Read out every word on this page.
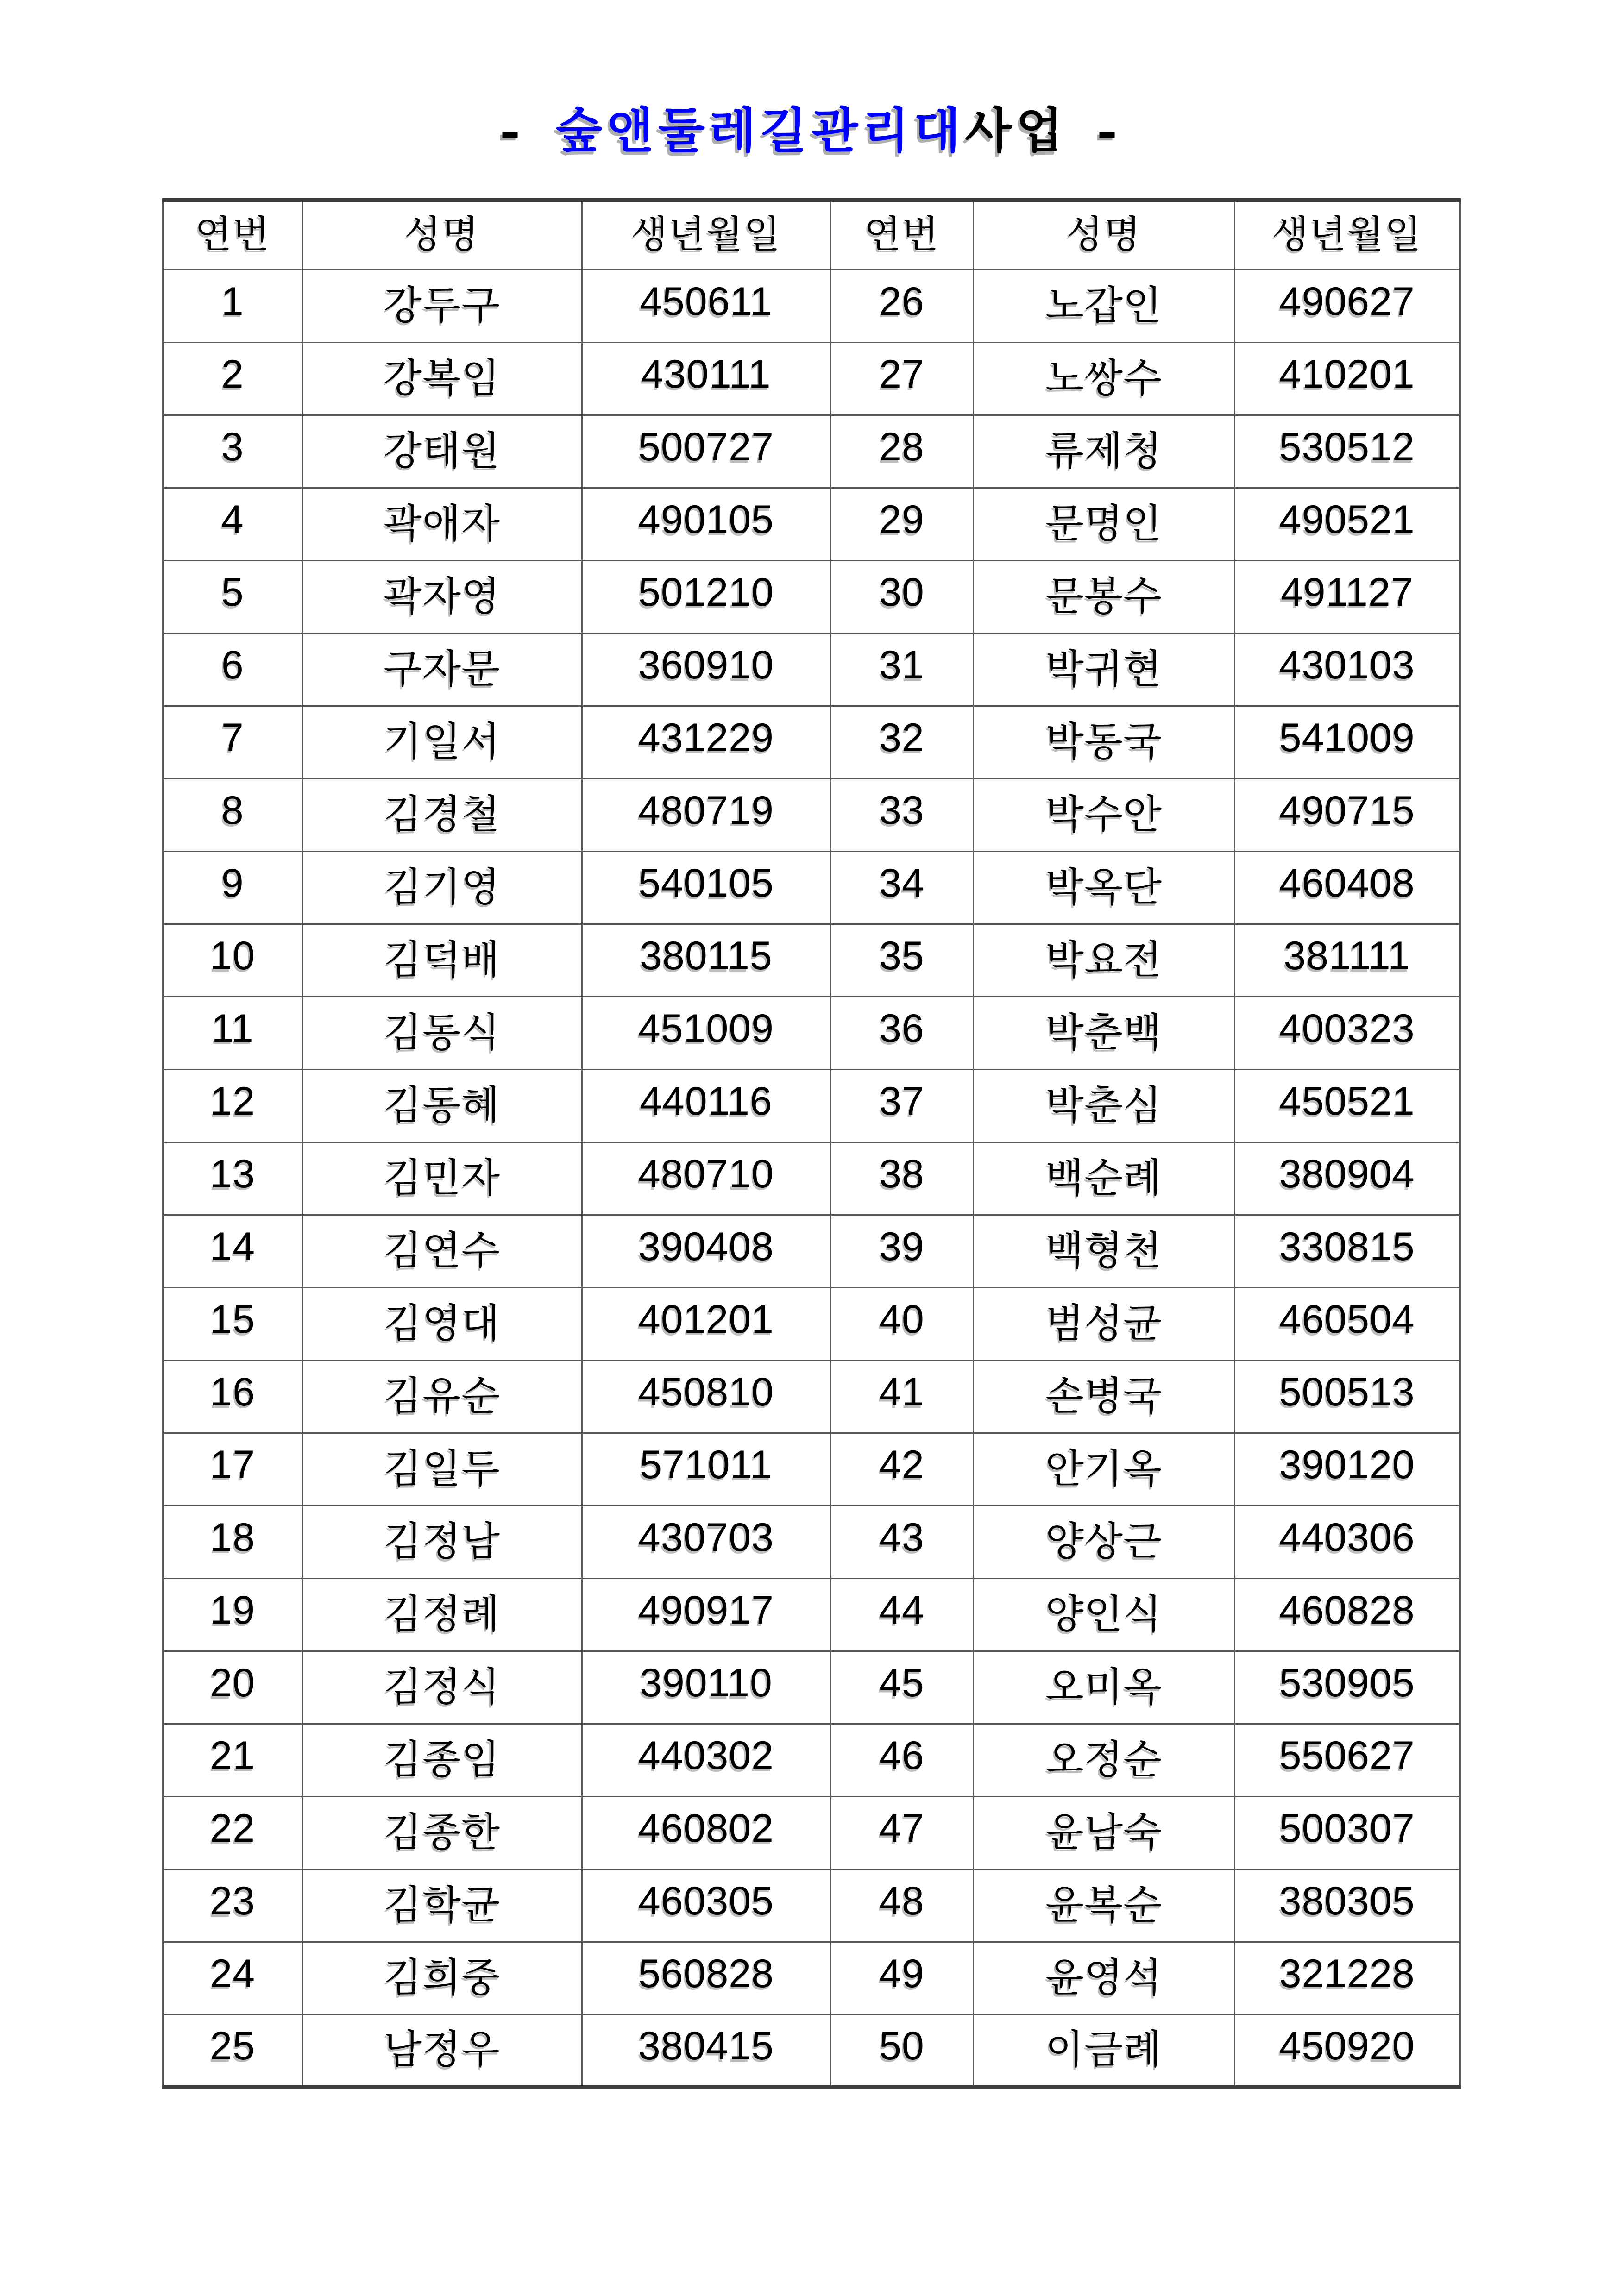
- 숲앤둘레길관리대사업 -
연번	성명	생년월일	연번	성명	생년월일
1	강두구	450611	26	노갑인	490627
2	강복임	430111	27	노쌍수	410201
3	강태원	500727	28	류제청	530512
4	곽애자	490105	29	문명인	490521
5	곽자영	501210	30	문봉수	491127
6	구자문	360910	31	박귀현	430103
7	기일서	431229	32	박동국	541009
8	김경철	480719	33	박수안	490715
9	김기영	540105	34	박옥단	460408
10	김덕배	380115	35	박요전	381111
11	김동식	451009	36	박춘백	400323
12	김동혜	440116	37	박춘심	450521
13	김민자	480710	38	백순례	380904
14	김연수	390408	39	백형천	330815
15	김영대	401201	40	범성균	460504
16	김유순	450810	41	손병국	500513
17	김일두	571011	42	안기옥	390120
18	김정남	430703	43	양상근	440306
19	김정례	490917	44	양인식	460828
20	김정식	390110	45	오미옥	530905
21	김종임	440302	46	오정순	550627
22	김종한	460802	47	윤남숙	500307
23	김학균	460305	48	윤복순	380305
24	김희중	560828	49	윤영석	321228
25	남정우	380415	50	이금례	450920
